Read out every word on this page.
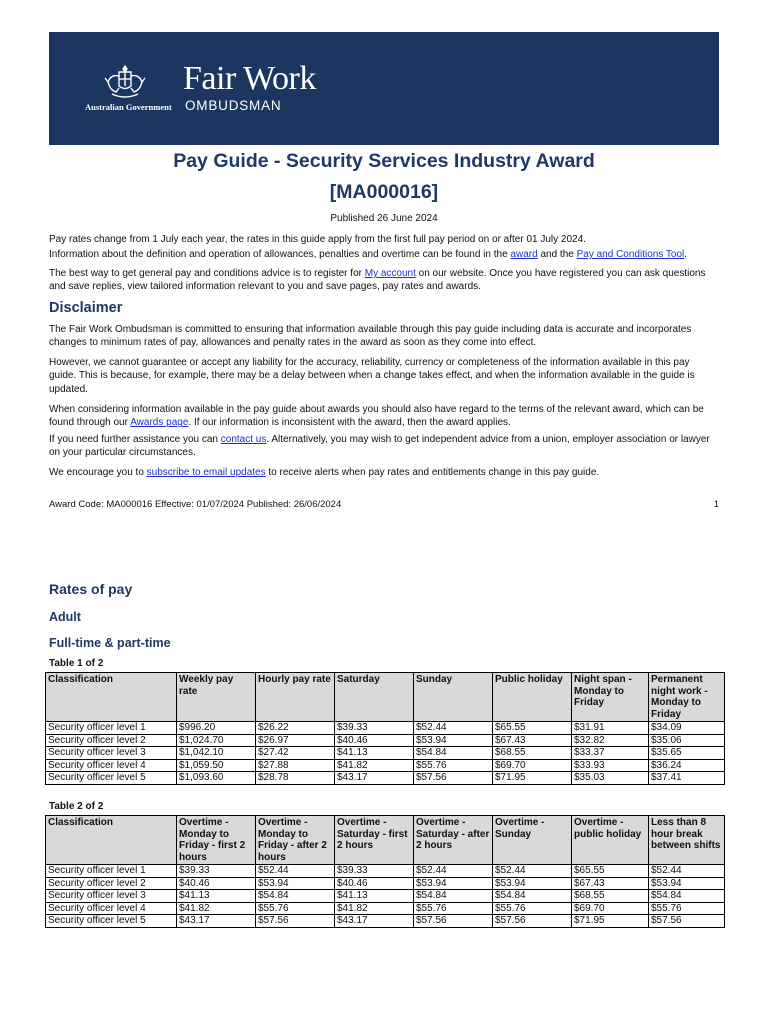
Australian Government
Fair Work
OMBUDSMAN
Pay Guide - Security Services Industry Award
[MA000016]
Published 26 June 2024

Pay rates change from 1 July each year, the rates in this guide apply from the first full pay period on or after 01 July 2024.

Information about the definition and operation of allowances, penalties and overtime can be found in the award and the Pay and Conditions Tool.

The best way to get general pay and conditions advice is to register for My account on our website. Once you have registered you can ask questions and save replies, view tailored information relevant to you and save pages, pay rates and awards.

Disclaimer

The Fair Work Ombudsman is committed to ensuring that information available through this pay guide including data is accurate and incorporates changes to minimum rates of pay, allowances and penalty rates in the award as soon as they come into effect.

However, we cannot guarantee or accept any liability for the accuracy, reliability, currency or completeness of the information available in this pay guide. This is because, for example, there may be a delay between when a change takes effect, and when the information available in the guide is updated.

When considering information available in the pay guide about awards you should also have regard to the terms of the relevant award, which can be found through our Awards page. If our information is inconsistent with the award, then the award applies.

If you need further assistance you can contact us. Alternatively, you may wish to get independent advice from a union, employer association or lawyer on your particular circumstances.

We encourage you to subscribe to email updates to receive alerts when pay rates and entitlements change in this pay guide.

Award Code: MA000016 Effective: 01/07/2024 Published: 26/06/2024	1
Rates of pay
Adult
Full-time & part-time
Table 1 of 2
Classification	Weekly pay rate	Hourly pay rate	Saturday	Sunday	Public holiday	Night span - Monday to Friday	Permanent night work - Monday to Friday
Security officer level 1	$996.20	$26.22	$39.33	$52.44	$65.55	$31.91	$34.09
Security officer level 2	$1,024.70	$26.97	$40.46	$53.94	$67.43	$32.82	$35.06
Security officer level 3	$1,042.10	$27.42	$41.13	$54.84	$68.55	$33.37	$35.65
Security officer level 4	$1,059.50	$27.88	$41.82	$55.76	$69.70	$33.93	$36.24
Security officer level 5	$1,093.60	$28.78	$43.17	$57.56	$71.95	$35.03	$37.41
Table 2 of 2
Classification	Overtime - Monday to Friday - first 2 hours	Overtime - Monday to Friday - after 2 hours	Overtime - Saturday - first 2 hours	Overtime - Saturday - after 2 hours	Overtime - Sunday	Overtime - public holiday	Less than 8 hour break between shifts
Security officer level 1	$39.33	$52.44	$39.33	$52.44	$52.44	$65.55	$52.44
Security officer level 2	$40.46	$53.94	$40.46	$53.94	$53.94	$67.43	$53.94
Security officer level 3	$41.13	$54.84	$41.13	$54.84	$54.84	$68.55	$54.84
Security officer level 4	$41.82	$55.76	$41.82	$55.76	$55.76	$69.70	$55.76
Security officer level 5	$43.17	$57.56	$43.17	$57.56	$57.56	$71.95	$57.56
